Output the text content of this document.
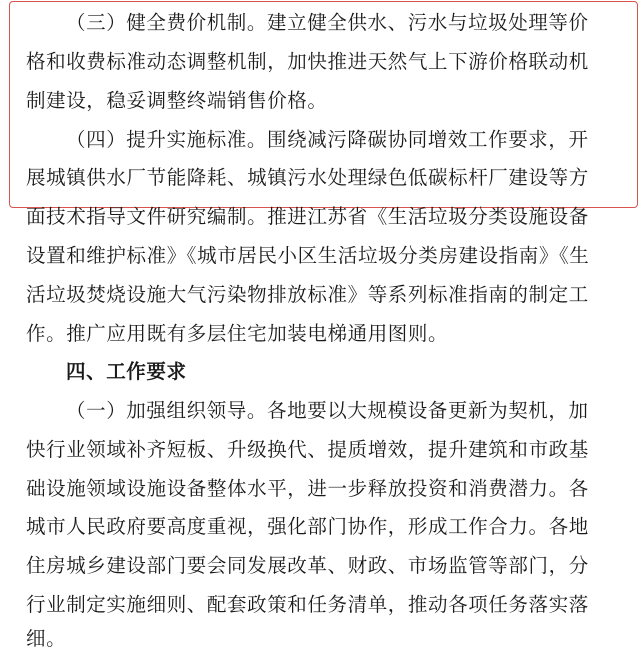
（三）健全费价机制。建立健全供水、污水与垃圾处理等价
格和收费标准动态调整机制，加快推进天然气上下游价格联动机
制建设，稳妥调整终端销售价格。
（四）提升实施标准。围绕减污降碳协同增效工作要求，开
展城镇供水厂节能降耗、城镇污水处理绿色低碳标杆厂建设等方
面技术指导文件研究编制。推进江苏省《生活垃圾分类设施设备
设置和维护标准》《城市居民小区生活垃圾分类房建设指南》《生
活垃圾焚烧设施大气污染物排放标准》等系列标准指南的制定工
作。推广应用既有多层住宅加装电梯通用图则。
四、工作要求
（一）加强组织领导。各地要以大规模设备更新为契机，加
快行业领域补齐短板、升级换代、提质增效，提升建筑和市政基
础设施领域设施设备整体水平，进一步释放投资和消费潜力。各
城市人民政府要高度重视，强化部门协作，形成工作合力。各地
住房城乡建设部门要会同发展改革、财政、市场监管等部门，分
行业制定实施细则、配套政策和任务清单，推动各项任务落实落
细。
